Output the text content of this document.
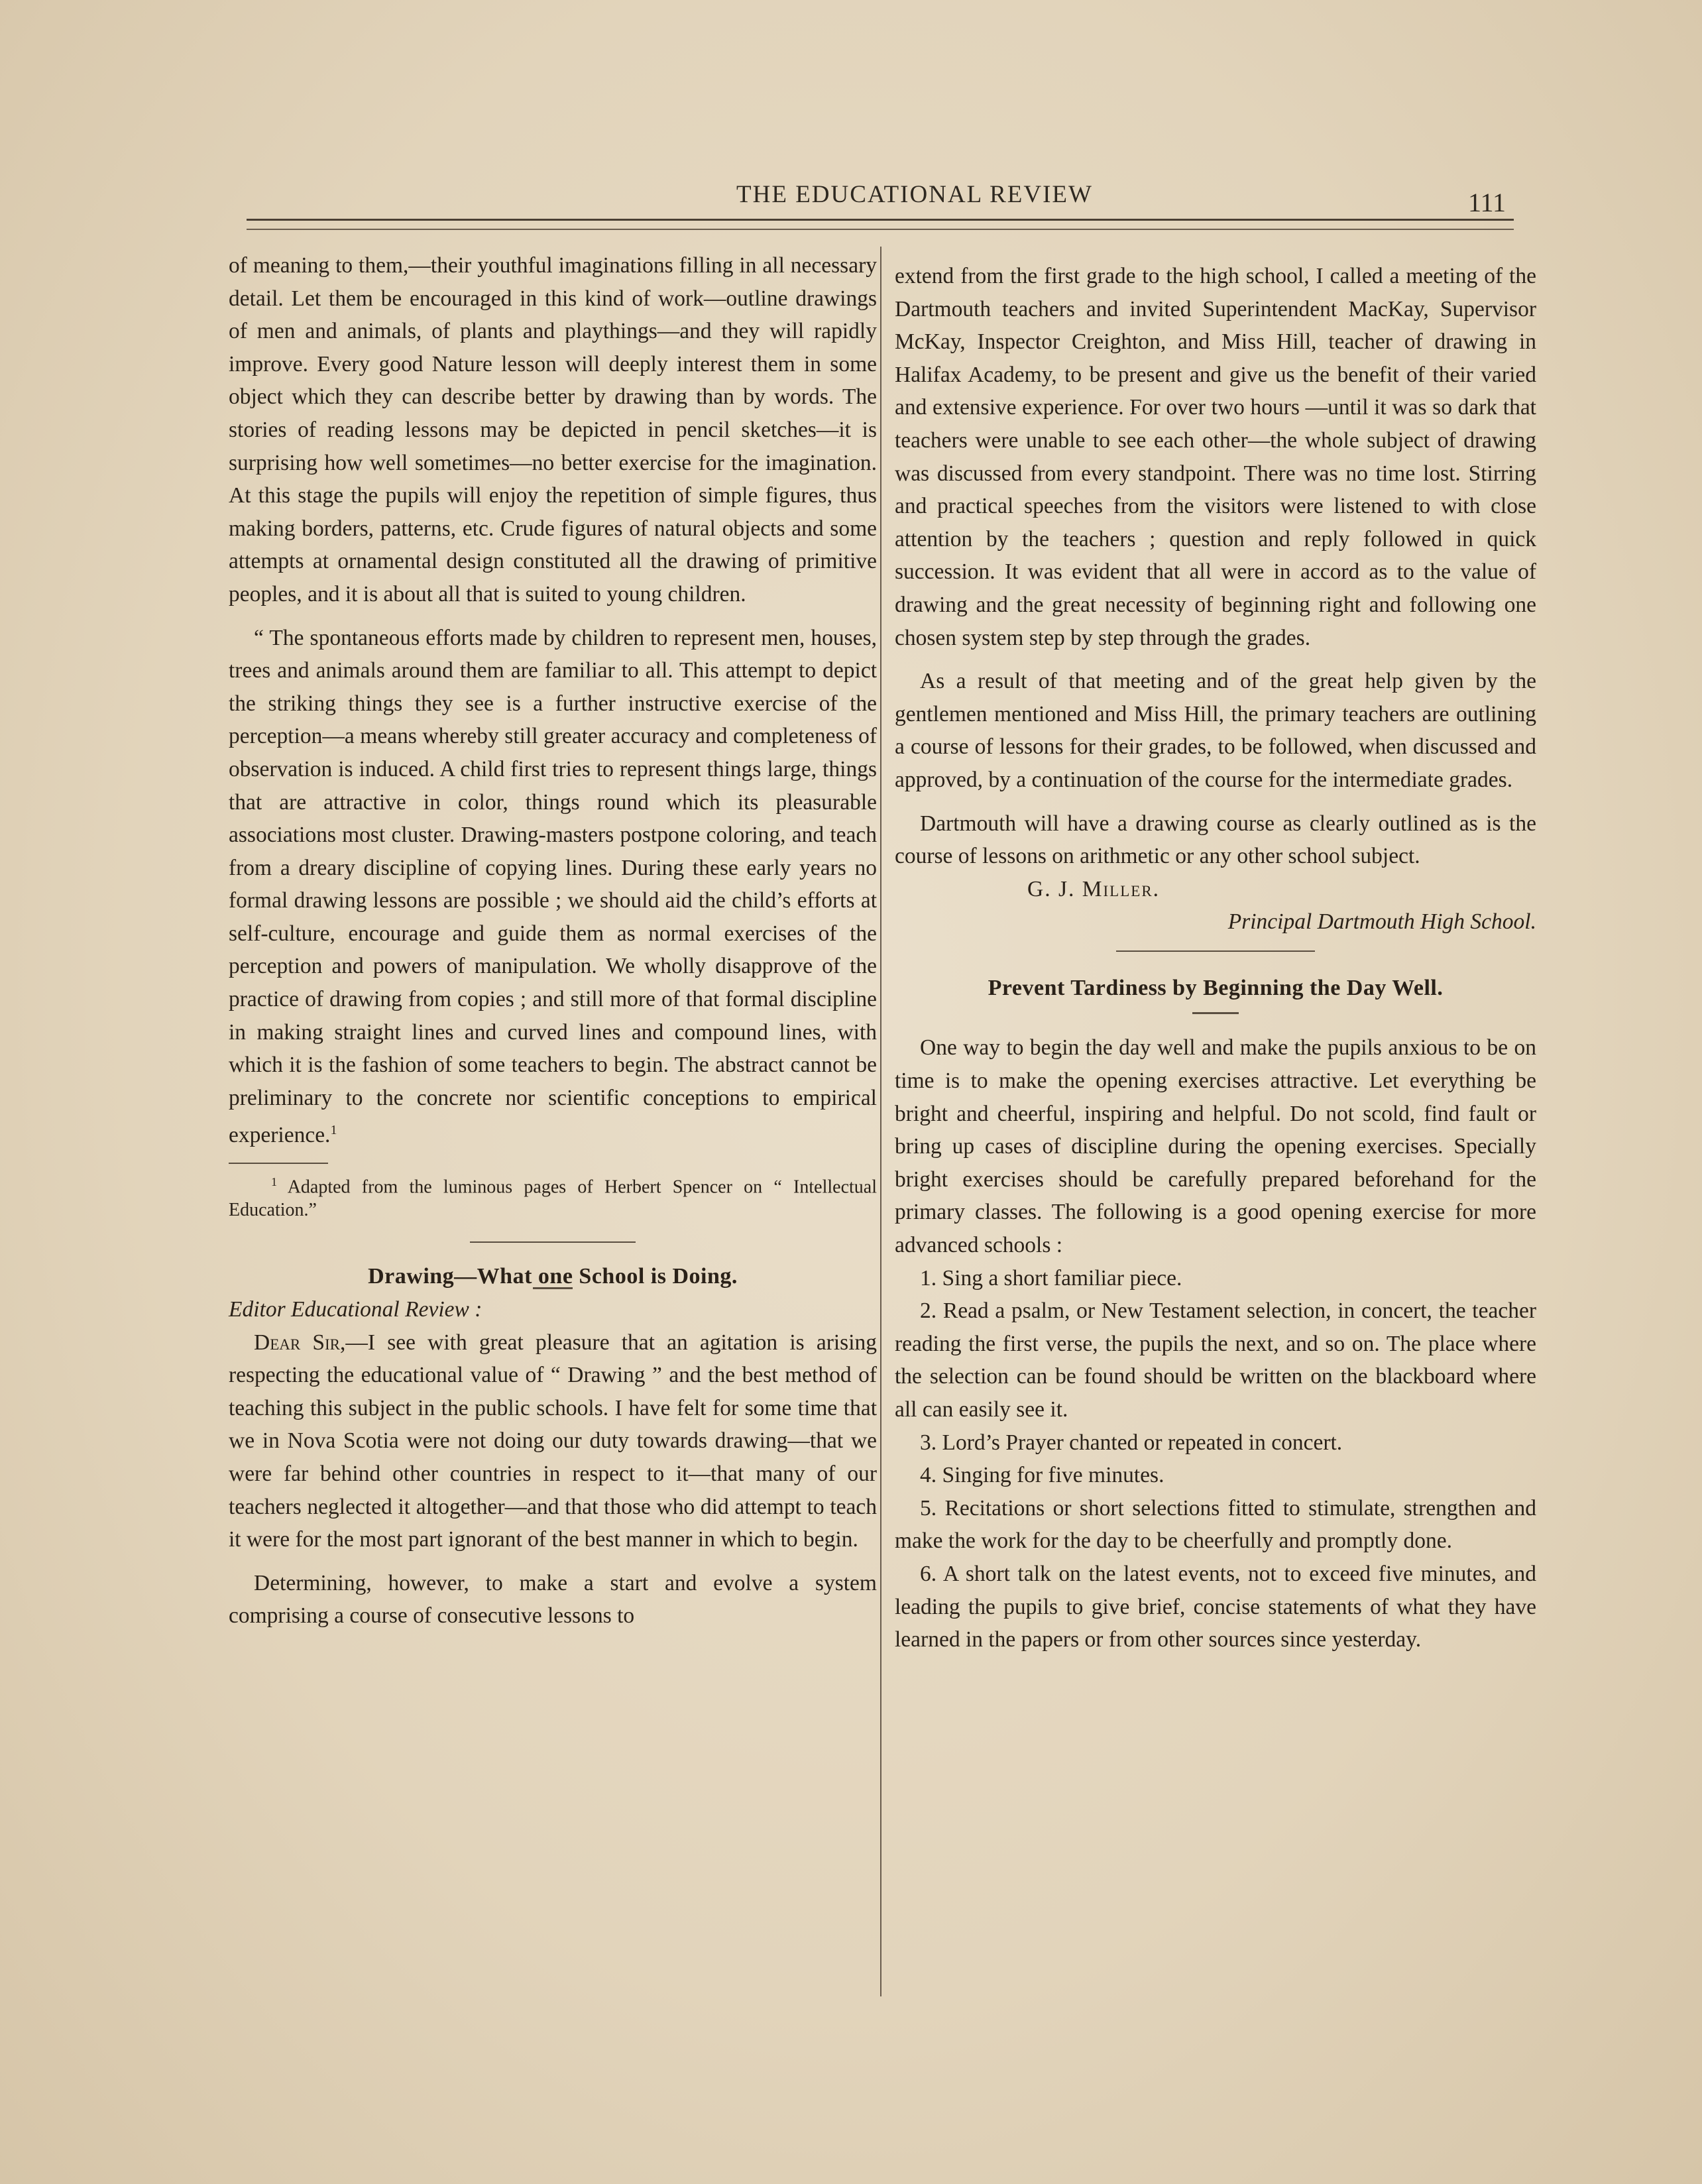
THE EDUCATIONAL REVIEW	111

of meaning to them,—their youthful imaginations filling in all necessary detail. Let them be encouraged in this kind of work—outline drawings of men and animals, of plants and playthings—and they will rapidly improve. Every good Nature lesson will deeply interest them in some object which they can describe better by drawing than by words. The stories of reading lessons may be depicted in pencil sketches—it is surprising how well sometimes—no better exercise for the imagination. At this stage the pupils will enjoy the repetition of simple figures, thus making borders, patterns, etc. Crude figures of natural objects and some attempts at ornamental design constituted all the drawing of primitive peoples, and it is about all that is suited to young children.

“ The spontaneous efforts made by children to represent men, houses, trees and animals around them are familiar to all. This attempt to depict the striking things they see is a further instructive exercise of the perception—a means whereby still greater accuracy and completeness of observation is induced. A child first tries to represent things large, things that are attractive in color, things round which its pleasurable associations most cluster. Drawing-masters postpone coloring, and teach from a dreary discipline of copying lines. During these early years no formal drawing lessons are possible ; we should aid the child’s efforts at self-culture, encourage and guide them as normal exercises of the perception and powers of manipulation. We wholly disapprove of the practice of drawing from copies ; and still more of that formal discipline in making straight lines and curved lines and compound lines, with which it is the fashion of some teachers to begin. The abstract cannot be preliminary to the concrete nor scientific conceptions to empirical experience.$^1$

$^1$ Adapted from the luminous pages of Herbert Spencer on “ Intellectual Education.”

Drawing—What one School is Doing.

Editor Educational Review :

Dear Sir,—I see with great pleasure that an agitation is arising respecting the educational value of “ Drawing ” and the best method of teaching this subject in the public schools. I have felt for some time that we in Nova Scotia were not doing our duty towards drawing—that we were far behind other countries in respect to it—that many of our teachers neglected it altogether—and that those who did attempt to teach it were for the most part ignorant of the best manner in which to begin.

Determining, however, to make a start and evolve a system comprising a course of consecutive lessons to

extend from the first grade to the high school, I called a meeting of the Dartmouth teachers and invited Superintendent MacKay, Supervisor McKay, Inspector Creighton, and Miss Hill, teacher of drawing in Halifax Academy, to be present and give us the benefit of their varied and extensive experience. For over two hours —until it was so dark that teachers were unable to see each other—the whole subject of drawing was discussed from every standpoint. There was no time lost. Stirring and practical speeches from the visitors were listened to with close attention by the teachers ; question and reply followed in quick succession. It was evident that all were in accord as to the value of drawing and the great necessity of beginning right and following one chosen system step by step through the grades.

As a result of that meeting and of the great help given by the gentlemen mentioned and Miss Hill, the primary teachers are outlining a course of lessons for their grades, to be followed, when discussed and approved, by a continuation of the course for the intermediate grades.

Dartmouth will have a drawing course as clearly outlined as is the course of lessons on arithmetic or any other school subject.

G. J. Miller.

Principal Dartmouth High School.

Prevent Tardiness by Beginning the Day Well.

One way to begin the day well and make the pupils anxious to be on time is to make the opening exercises attractive. Let everything be bright and cheerful, inspiring and helpful. Do not scold, find fault or bring up cases of discipline during the opening exercises. Specially bright exercises should be carefully prepared beforehand for the primary classes. The following is a good opening exercise for more advanced schools :

1. Sing a short familiar piece.

2. Read a psalm, or New Testament selection, in concert, the teacher reading the first verse, the pupils the next, and so on. The place where the selection can be found should be written on the blackboard where all can easily see it.

3. Lord’s Prayer chanted or repeated in concert.

4. Singing for five minutes.

5. Recitations or short selections fitted to stimulate, strengthen and make the work for the day to be cheerfully and promptly done.

6. A short talk on the latest events, not to exceed five minutes, and leading the pupils to give brief, concise statements of what they have learned in the papers or from other sources since yesterday.
